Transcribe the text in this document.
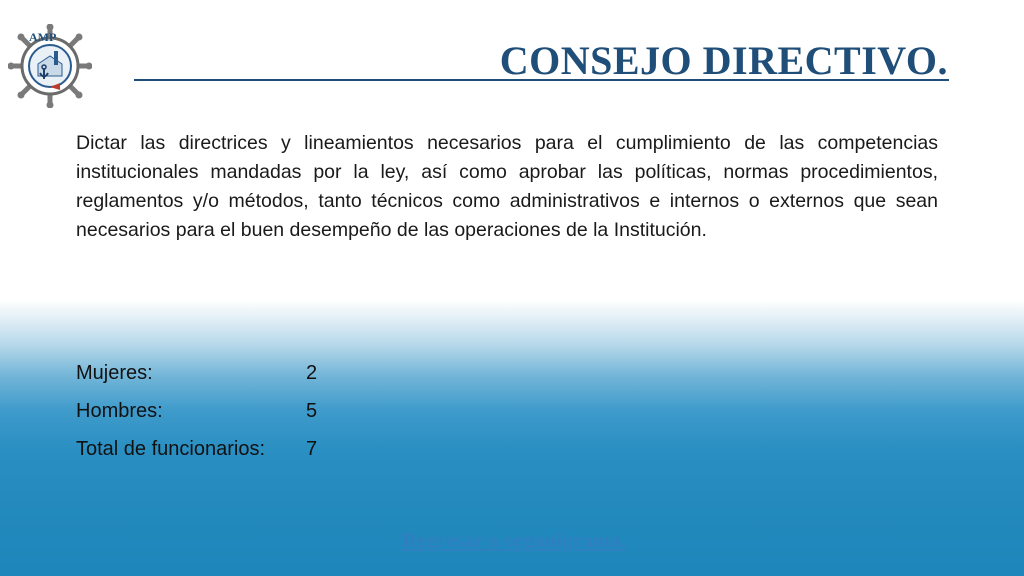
AMP
CONSEJO DIRECTIVO.
Dictar las directrices y lineamientos necesarios para el cumplimiento de las competencias institucionales mandadas por la ley, así como aprobar las políticas, normas procedimientos, reglamentos y/o métodos, tanto técnicos como administrativos e internos o externos que sean necesarios para el buen desempeño de las operaciones de la Institución.
Mujeres:	2
Hombres:	5
Total de funcionarios: 7
Regresar a organigrama.
